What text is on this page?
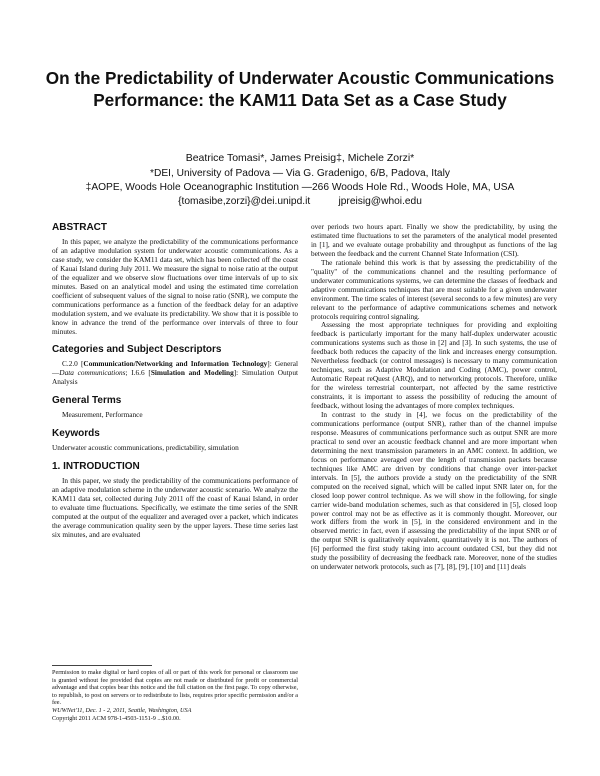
On the Predictability of Underwater Acoustic Communications Performance: the KAM11 Data Set as a Case Study
Beatrice Tomasi*, James Preisig‡, Michele Zorzi*
*DEI, University of Padova — Via G. Gradenigo, 6/B, Padova, Italy
‡AOPE, Woods Hole Oceanographic Institution —266 Woods Hole Rd., Woods Hole, MA, USA
{tomasibe,zorzi}@dei.unipd.it          jpreisig@whoi.edu
ABSTRACT

In this paper, we analyze the predictability of the communications performance of an adaptive modulation system for underwater acoustic communications. As a case study, we consider the KAM11 data set, which has been collected off the coast of Kauai Island during July 2011. We measure the signal to noise ratio at the output of the equalizer and we observe slow fluctuations over time intervals of up to six minutes. Based on an analytical model and using the estimated time correlation coefficient of subsequent values of the signal to noise ratio (SNR), we compute the communications performance as a function of the feedback delay for an adaptive modulation system, and we evaluate its predictability. We show that it is possible to know in advance the trend of the performance over intervals of three to four minutes.

Categories and Subject Descriptors

C.2.0 [Communication/Networking and Information Technology]: General—Data communications; I.6.6 [Simulation and Modeling]: Simulation Output Analysis

General Terms

Measurement, Performance

Keywords

Underwater acoustic communications, predictability, simulation

1. INTRODUCTION

In this paper, we study the predictability of the communications performance of an adaptive modulation scheme in the underwater acoustic scenario. We analyze the KAM11 data set, collected during July 2011 off the coast of Kauai Island, in order to evaluate time fluctuations. Specifically, we estimate the time series of the SNR computed at the output of the equalizer and averaged over a packet, which indicates the average communication quality seen by the upper layers. These time series last six minutes, and are evaluated

Permission to make digital or hard copies of all or part of this work for personal or classroom use is granted without fee provided that copies are not made or distributed for profit or commercial advantage and that copies bear this notice and the full citation on the first page. To copy otherwise, to republish, to post on servers or to redistribute to lists, requires prior specific permission and/or a fee.
WUWNet'11, Dec. 1 - 2, 2011, Seattle, Washington, USA
Copyright 2011 ACM 978-1-4503-1151-9 ...$10.00.

over periods two hours apart. Finally we show the predictability, by using the estimated time fluctuations to set the parameters of the analytical model presented in [1], and we evaluate outage probability and throughput as functions of the lag between the feedback and the current Channel State Information (CSI).

The rationale behind this work is that by assessing the predictability of the "quality" of the communications channel and the resulting performance of underwater communications systems, we can determine the classes of feedback and adaptive communications techniques that are most suitable for a given underwater environment. The time scales of interest (several seconds to a few minutes) are very relevant to the performance of adaptive communications schemes and network protocols requiring control signaling.

Assessing the most appropriate techniques for providing and exploiting feedback is particularly important for the many half-duplex underwater acoustic communications systems such as those in [2] and [3]. In such systems, the use of feedback both reduces the capacity of the link and increases energy consumption. Nevertheless feedback (or control messages) is necessary to many communication techniques, such as Adaptive Modulation and Coding (AMC), power control, Automatic Repeat reQuest (ARQ), and to networking protocols. Therefore, unlike for the wireless terrestrial counterpart, not affected by the same restrictive constraints, it is important to assess the possibility of reducing the amount of feedback, without losing the advantages of more complex techniques.

In contrast to the study in [4], we focus on the predictability of the communications performance (output SNR), rather than of the channel impulse response. Measures of communications performance such as output SNR are more practical to send over an acoustic feedback channel and are more important when determining the next transmission parameters in an AMC context. In addition, we focus on performance averaged over the length of transmission packets because techniques like AMC are driven by conditions that change over inter-packet intervals. In [5], the authors provide a study on the predictability of the SNR computed on the received signal, which will be called input SNR later on, for the closed loop power control technique. As we will show in the following, for single carrier wide-band modulation schemes, such as that considered in [5], closed loop power control may not be as effective as it is commonly thought. Moreover, our work differs from the work in [5], in the considered environment and in the observed metric: in fact, even if assessing the predictability of the input SNR or of the output SNR is qualitatively equivalent, quantitatively it is not. The authors of [6] performed the first study taking into account outdated CSI, but they did not study the possibility of decreasing the feedback rate. Moreover, none of the studies on underwater network protocols, such as [7], [8], [9], [10] and [11] deals
